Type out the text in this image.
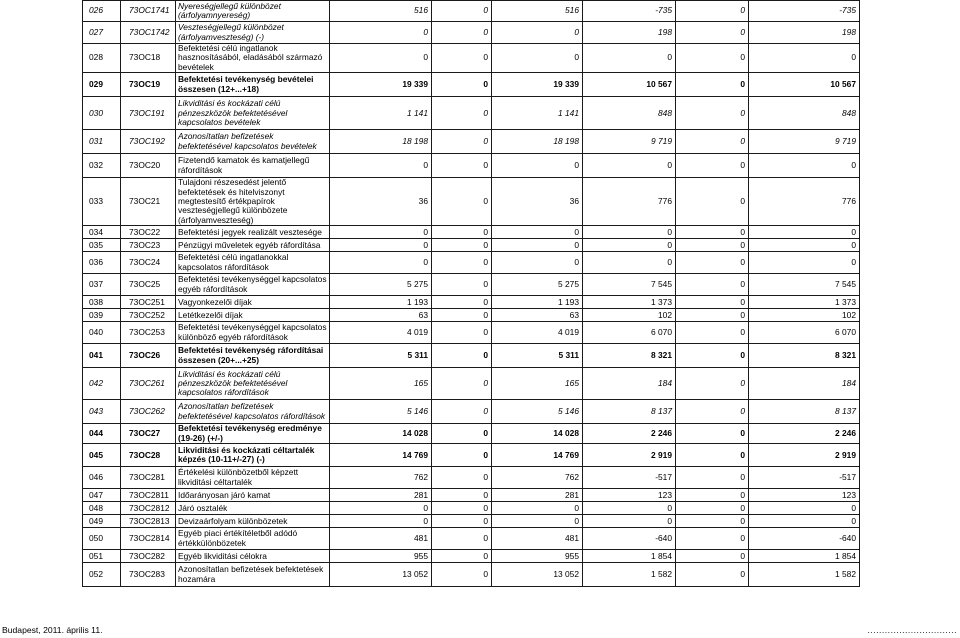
026	73OC1741	Nyereségjellegű különbözet (árfolyamnyereség)	516	0	516	-735	0	-735
027	73OC1742	Veszteségjellegű különbözet (árfolyamveszteség) (-)	0	0	0	198	0	198
028	73OC18	Befektetési célú ingatlanok hasznosításából, eladásából származó bevételek	0	0	0	0	0	0
029	73OC19	Befektetési tevékenység bevételei összesen (12+...+18)	19 339	0	19 339	10 567	0	10 567
030	73OC191	Likviditási és kockázati célú pénzeszközök befektetésével kapcsolatos bevételek	1 141	0	1 141	848	0	848
031	73OC192	Azonosítatlan befizetések befektetésével kapcsolatos bevételek	18 198	0	18 198	9 719	0	9 719
032	73OC20	Fizetendő kamatok és kamatjellegű ráfordítások	0	0	0	0	0	0
033	73OC21	Tulajdoni részesedést jelentő befektetések és hitelviszonyt megtestesítő értékpapírok veszteségjellegű különbözete (árfolyamveszteség)	36	0	36	776	0	776
034	73OC22	Befektetési jegyek realizált vesztesége	0	0	0	0	0	0
035	73OC23	Pénzügyi műveletek egyéb ráfordítása	0	0	0	0	0	0
036	73OC24	Befektetési célú ingatlanokkal kapcsolatos ráfordítások	0	0	0	0	0	0
037	73OC25	Befektetési tevékenységgel kapcsolatos egyéb ráfordítások	5 275	0	5 275	7 545	0	7 545
038	73OC251	Vagyonkezelői díjak	1 193	0	1 193	1 373	0	1 373
039	73OC252	Letétkezelői díjak	63	0	63	102	0	102
040	73OC253	Befektetési tevékenységgel kapcsolatos különböző egyéb ráfordítások	4 019	0	4 019	6 070	0	6 070
041	73OC26	Befektetési tevékenység ráfordításai összesen (20+...+25)	5 311	0	5 311	8 321	0	8 321
042	73OC261	Likviditási és kockázati célú pénzeszközök befektetésével kapcsolatos ráfordítások	165	0	165	184	0	184
043	73OC262	Azonosítatlan befizetések befektetésével kapcsolatos ráfordítások	5 146	0	5 146	8 137	0	8 137
044	73OC27	Befektetési tevékenység eredménye (19-26) (+/-)	14 028	0	14 028	2 246	0	2 246
045	73OC28	Likviditási és kockázati céltartalék képzés (10-11+/-27) (-)	14 769	0	14 769	2 919	0	2 919
046	73OC281	Értékelési különbözetből képzett likviditási céltartalék	762	0	762	-517	0	-517
047	73OC2811	Időarányosan járó kamat	281	0	281	123	0	123
048	73OC2812	Járó osztalék	0	0	0	0	0	0
049	73OC2813	Devizaárfolyam különbözetek	0	0	0	0	0	0
050	73OC2814	Egyéb piaci értékítéletből adódó értékkülönbözetek	481	0	481	-640	0	-640
051	73OC282	Egyéb likviditási célokra	955	0	955	1 854	0	1 854
052	73OC283	Azonosítatlan befizetések befektetések hozamára	13 052	0	13 052	1 582	0	1 582
Budapest, 2011. április 11.	...............................
